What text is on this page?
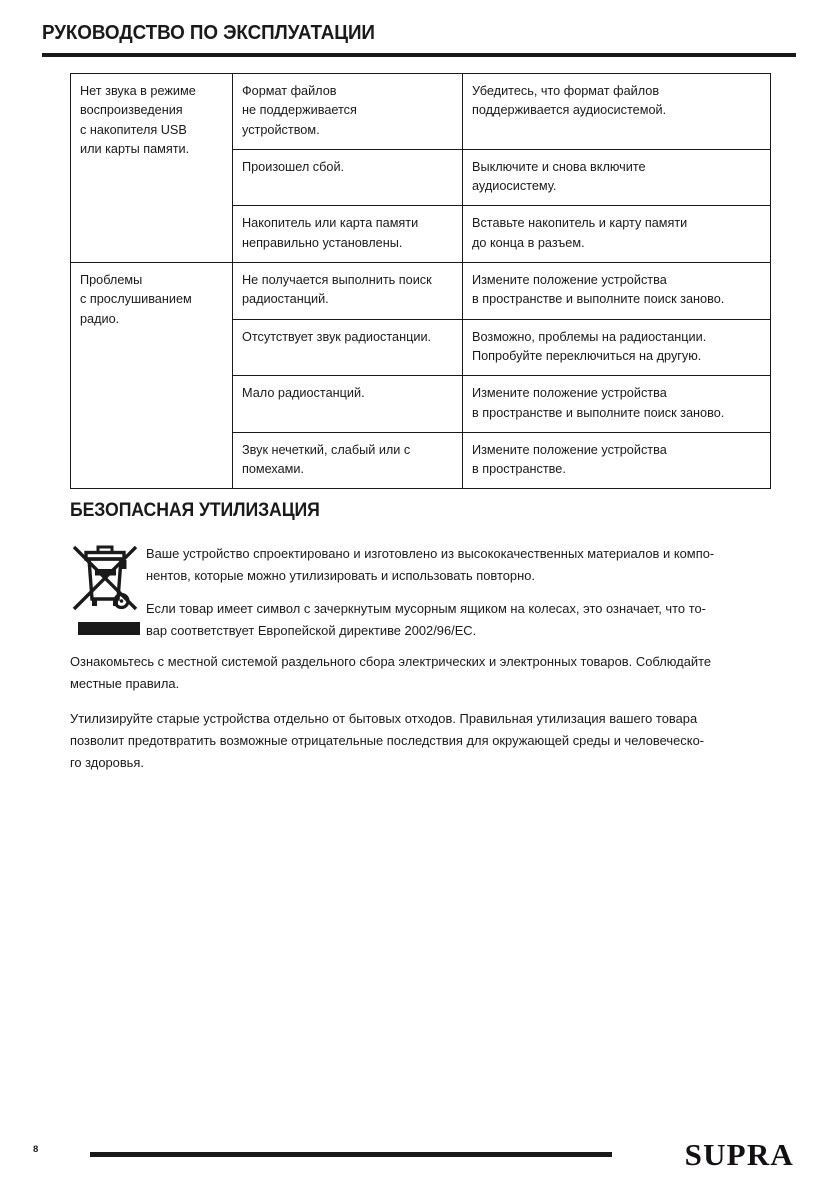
РУКОВОДСТВО ПО ЭКСПЛУАТАЦИИ
Нет звука в режиме
воспроизведения
с накопителя USB
или карты памяти.	Формат файлов
не поддерживается
устройством.	Убедитесь, что формат файлов
поддерживается аудиосистемой.

	Произошел сбой.	Выключите и снова включите
аудиосистему.

	Накопитель или карта памяти
неправильно установлены.	Вставьте накопитель и карту памяти
до конца в разъем.

Проблемы
с прослушиванием
радио.	Не получается выполнить поиск
радиостанций.	Измените положение устройства
в пространстве и выполните поиск заново.

	Отсутствует звук радиостанции.	Возможно, проблемы на радиостанции.
Попробуйте переключиться на другую.

	Мало радиостанций.	Измените положение устройства
в пространстве и выполните поиск заново.

	Звук нечеткий, слабый или с
помехами.	Измените положение устройства
в пространстве.
БЕЗОПАСНАЯ УТИЛИЗАЦИЯ
Ваше устройство спроектировано и изготовлено из высококачественных материалов и компо-
нентов, которые можно утилизировать и использовать повторно.
Если товар имеет символ с зачеркнутым мусорным ящиком на колесах, это означает, что то-
вар соответствует Европейской директиве 2002/96/ЕС.
Ознакомьтесь с местной системой раздельного сбора электрических и электронных товаров. Соблюдайте
местные правила.
Утилизируйте старые устройства отдельно от бытовых отходов. Правильная утилизация вашего товара
позволит предотвратить возможные отрицательные последствия для окружающей среды и человеческо-
го здоровья.
8	SUPRA
